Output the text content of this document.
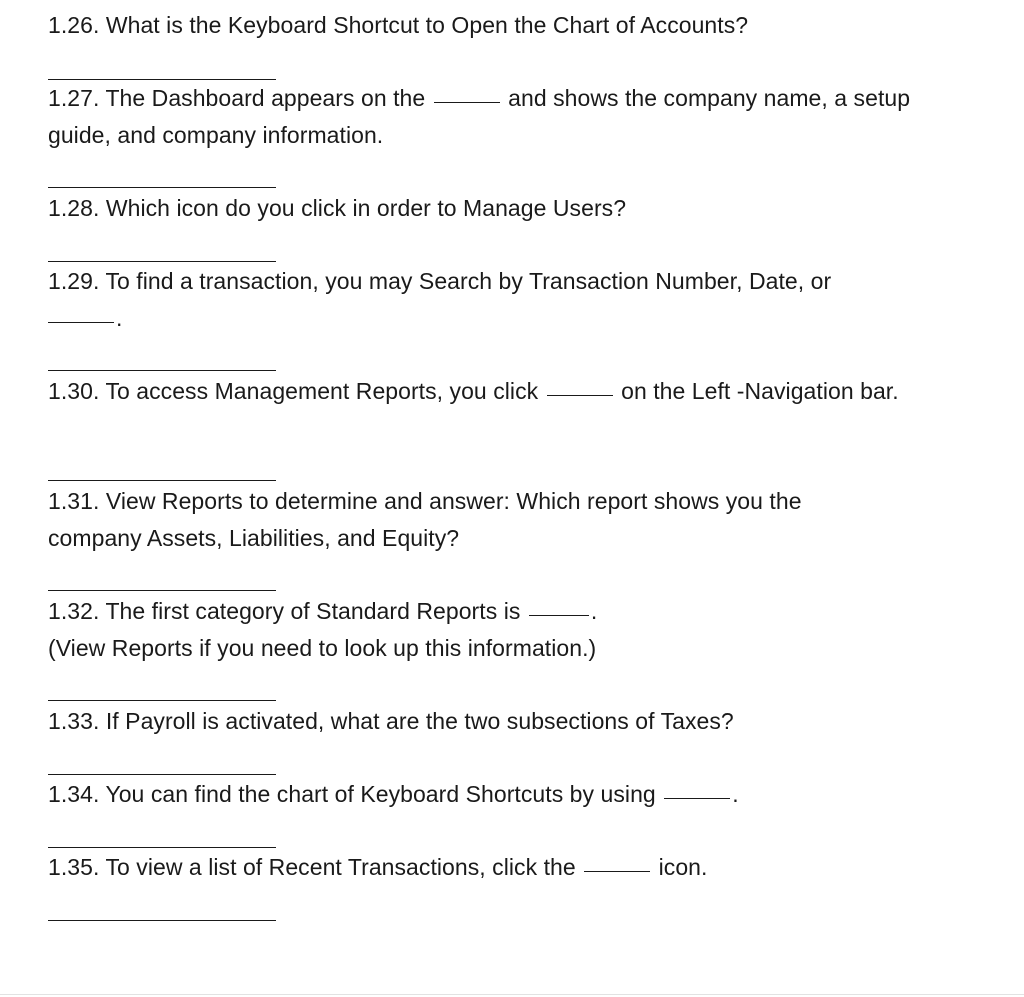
1.26. What is the Keyboard Shortcut to Open the Chart of Accounts?

1.27. The Dashboard appears on the	and shows the company name, a setup guide, and company information.

1.28. Which icon do you click in order to Manage Users?

1.29. To find a transaction, you may Search by Transaction Number, Date, or
.

1.30. To access Management Reports, you click	on the Left -Navigation bar.

1.31. View Reports to determine and answer: Which report shows you the company Assets, Liabilities, and Equity?

1.32. The first category of Standard Reports is	.
(View Reports if you need to look up this information.)

1.33. If Payroll is activated, what are the two subsections of Taxes?

1.34. You can find the chart of Keyboard Shortcuts by using	.

1.35. To view a list of Recent Transactions, click the	icon.
